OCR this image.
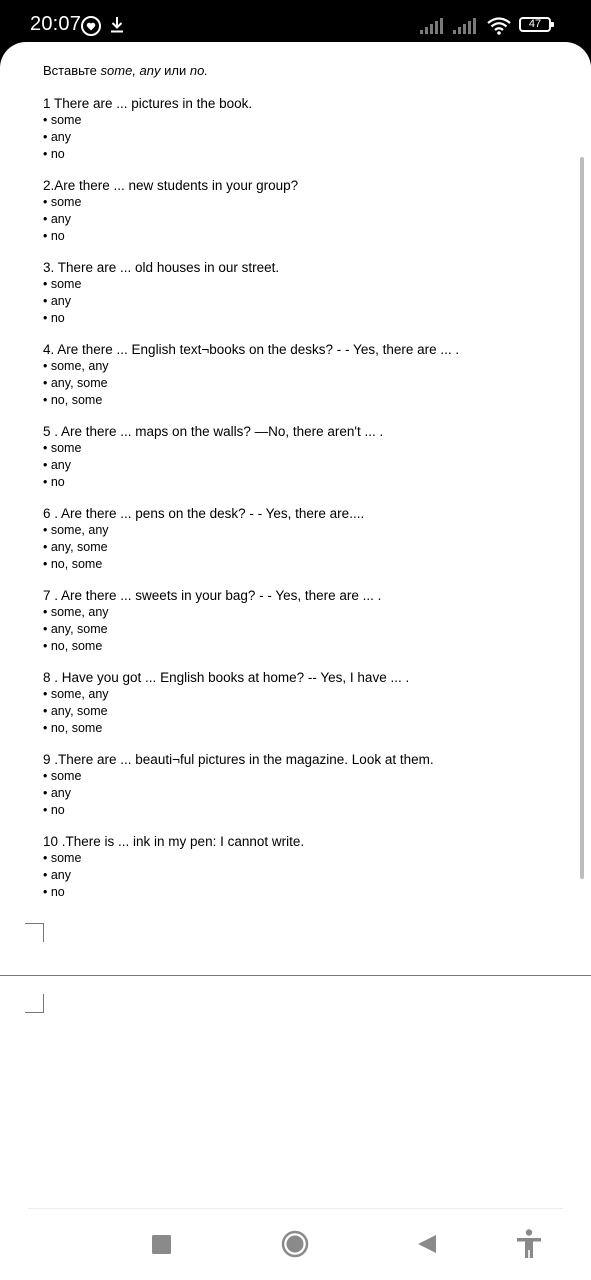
20:07	47
Вставьте some, any или no.
1 There are ... pictures in the book.
• some
• any
• no
2.Are there ... new students in your group?
• some
• any
• no
3. There are ... old houses in our street.
• some
• any
• no
4. Are there ... English text¬books on the desks? - - Yes, there are ... .
• some, any
• any, some
• no, some
5 . Are there ... maps on the walls? —No, there aren't ... .
• some
• any
• no
6 . Are there ... pens on the desk? - - Yes, there are....
• some, any
• any, some
• no, some
7 . Are there ... sweets in your bag? - - Yes, there are ... .
• some, any
• any, some
• no, some
8 . Have you got ... English books at home? -- Yes, I have ... .
• some, any
• any, some
• no, some
9 .There are ... beauti¬ful pictures in the magazine. Look at them.
• some
• any
• no
10 .There is ... ink in my pen: I cannot write.
• some
• any
• no
